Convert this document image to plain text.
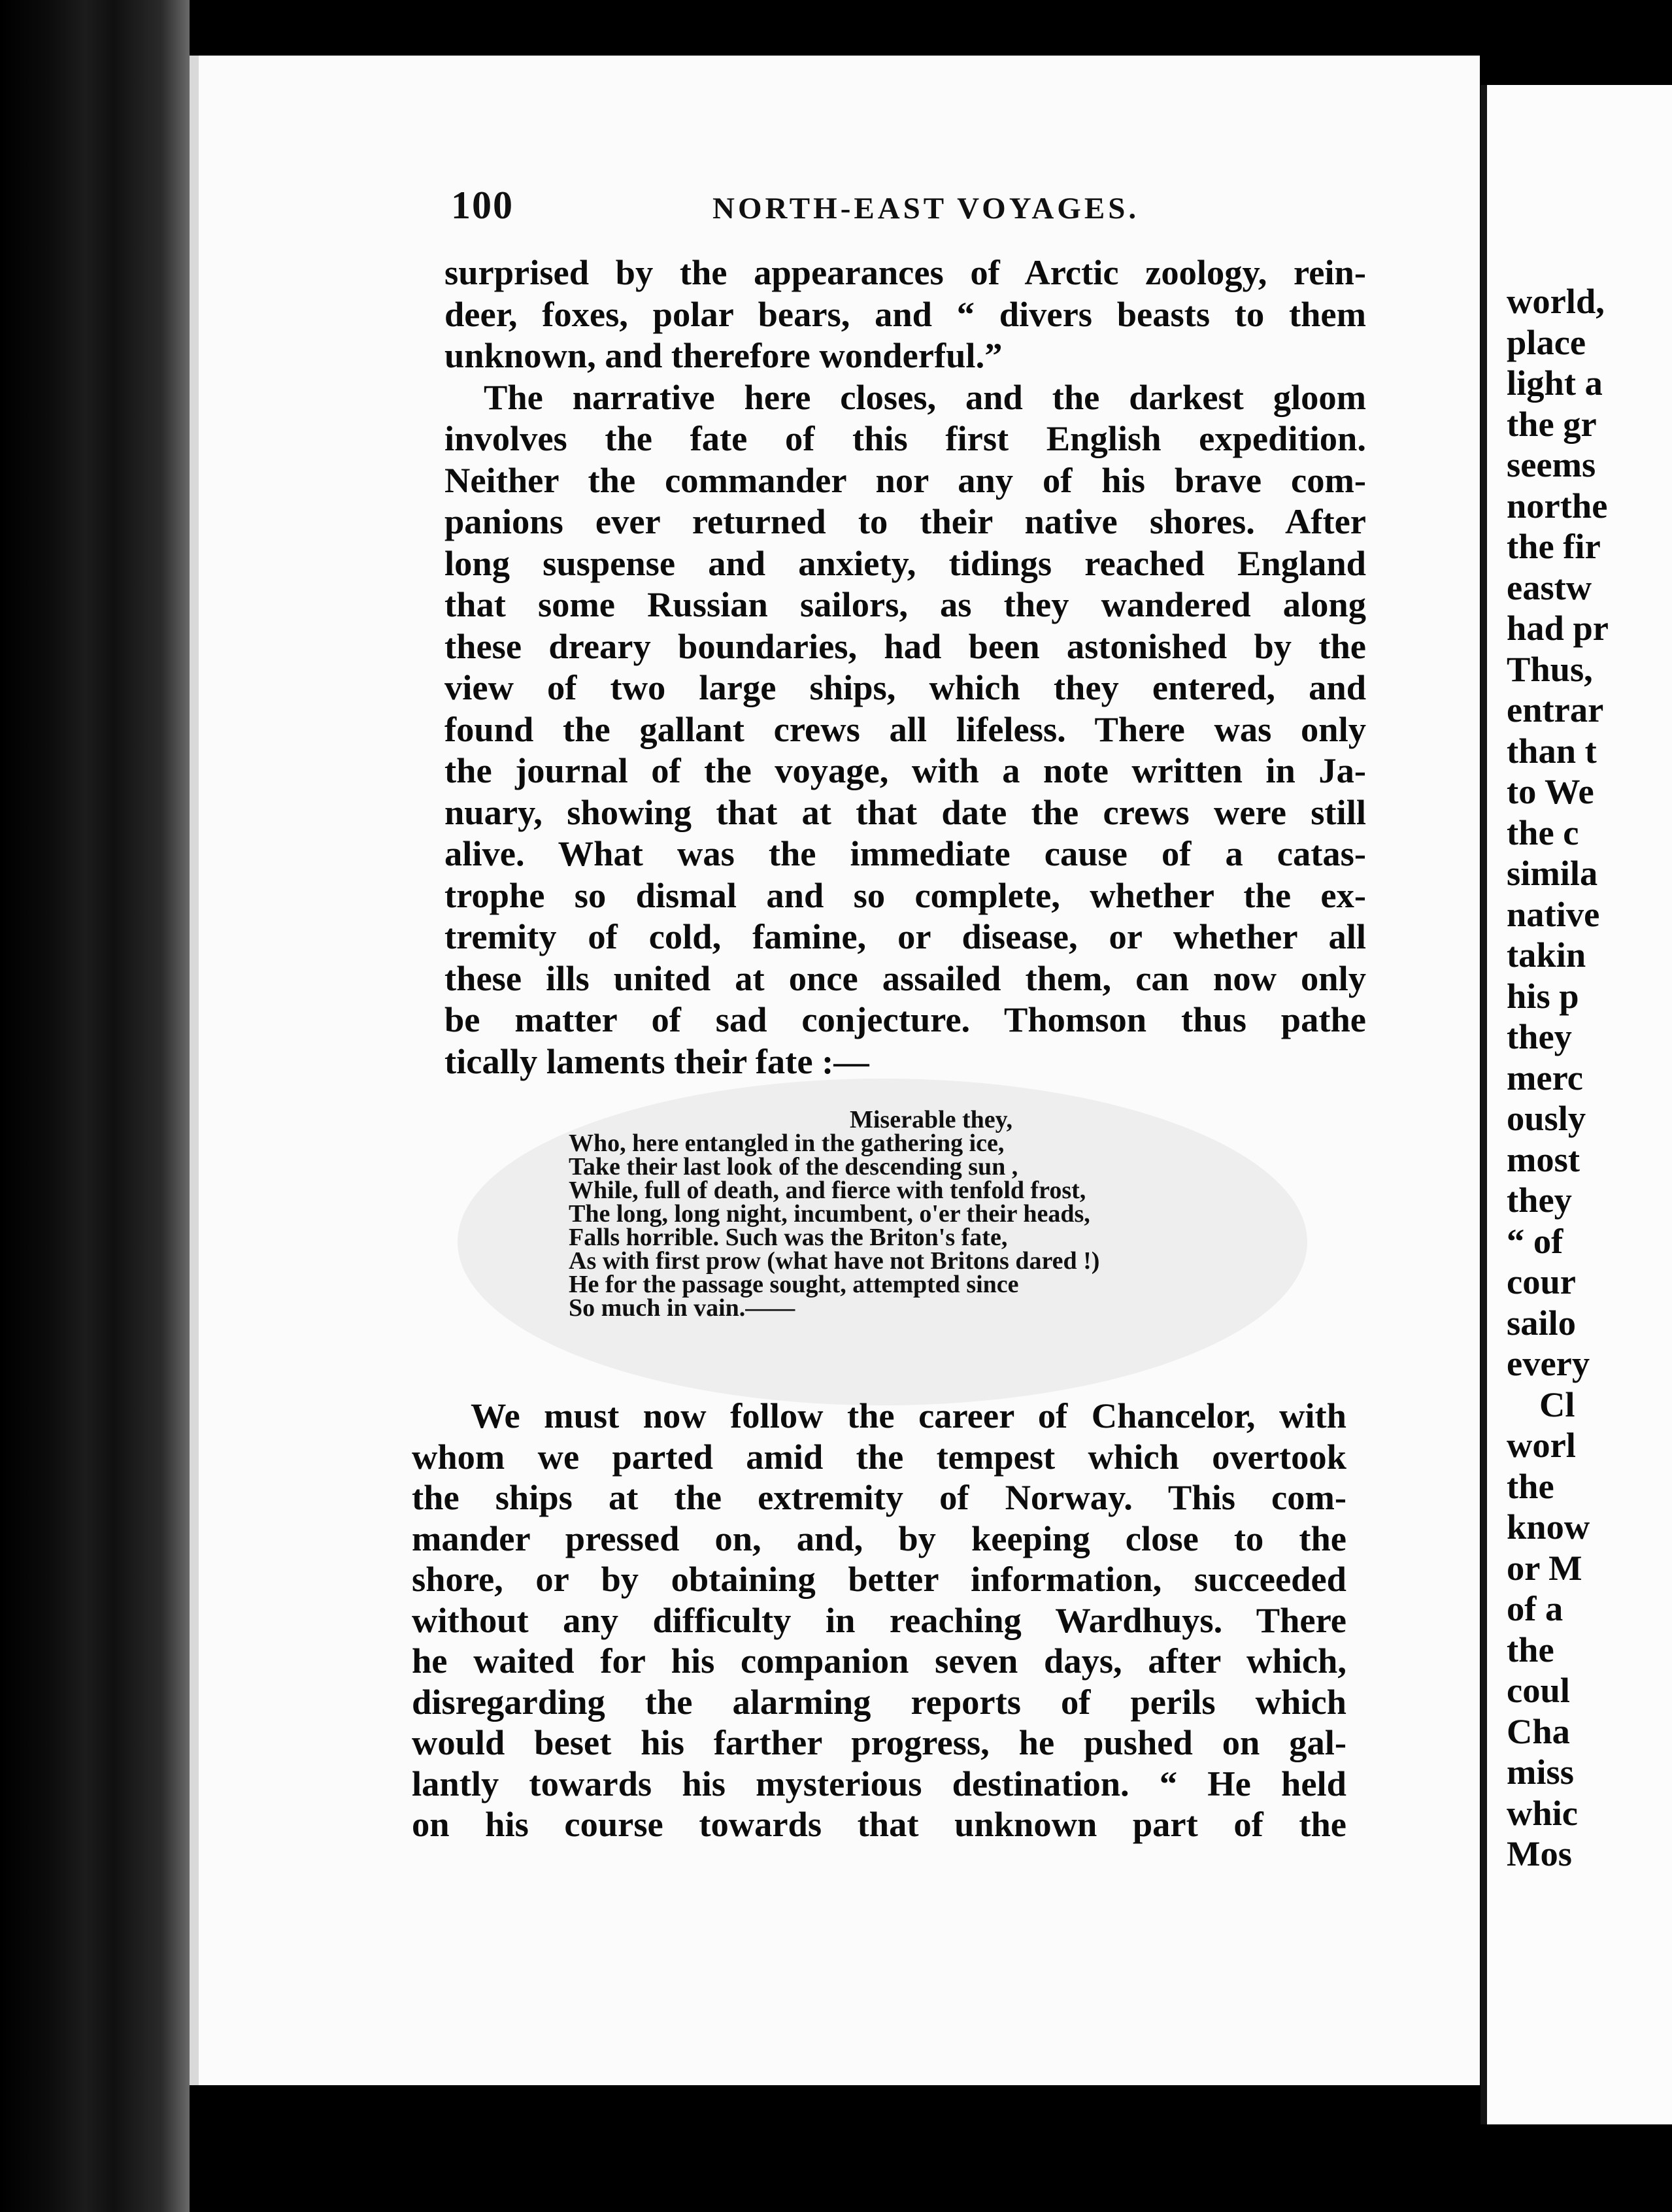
100	NORTH-EAST VOYAGES.
surprised by the appearances of Arctic zoology, rein-
deer, foxes, polar bears, and “ divers beasts to them
unknown, and therefore wonderful.”
The narrative here closes, and the darkest gloom
involves the fate of this first English expedition.
Neither the commander nor any of his brave com-
panions ever returned to their native shores. After
long suspense and anxiety, tidings reached England
that some Russian sailors, as they wandered along
these dreary boundaries, had been astonished by the
view of two large ships, which they entered, and
found the gallant crews all lifeless. There was only
the journal of the voyage, with a note written in Ja-
nuary, showing that at that date the crews were still
alive. What was the immediate cause of a catas-
trophe so dismal and so complete, whether the ex-
tremity of cold, famine, or disease, or whether all
these ills united at once assailed them, can now only
be matter of sad conjecture. Thomson thus pathe
tically laments their fate :—
Miserable they,
Who, here entangled in the gathering ice,
Take their last look of the descending sun ,
While, full of death, and fierce with tenfold frost,
The long, long night, incumbent, o'er their heads,
Falls horrible. Such was the Briton's fate,
As with first prow (what have not Britons dared !)
He for the passage sought, attempted since
So much in vain.——
We must now follow the career of Chancelor, with
whom we parted amid the tempest which overtook
the ships at the extremity of Norway. This com-
mander pressed on, and, by keeping close to the
shore, or by obtaining better information, succeeded
without any difficulty in reaching Wardhuys. There
he waited for his companion seven days, after which,
disregarding the alarming reports of perils which
would beset his farther progress, he pushed on gal-
lantly towards his mysterious destination. “ He held
on his course towards that unknown part of the
world,
place
light a
the gr
seems
northe
the fir
eastw
had pr
Thus,
entrar
than t
to We
the c
simila
native
takin
his p
they
merc
ously
most
they
“ of
cour
sailo
every
Cl
worl
the
know
or M
of a
the
coul
Cha
miss
whic
Mos
